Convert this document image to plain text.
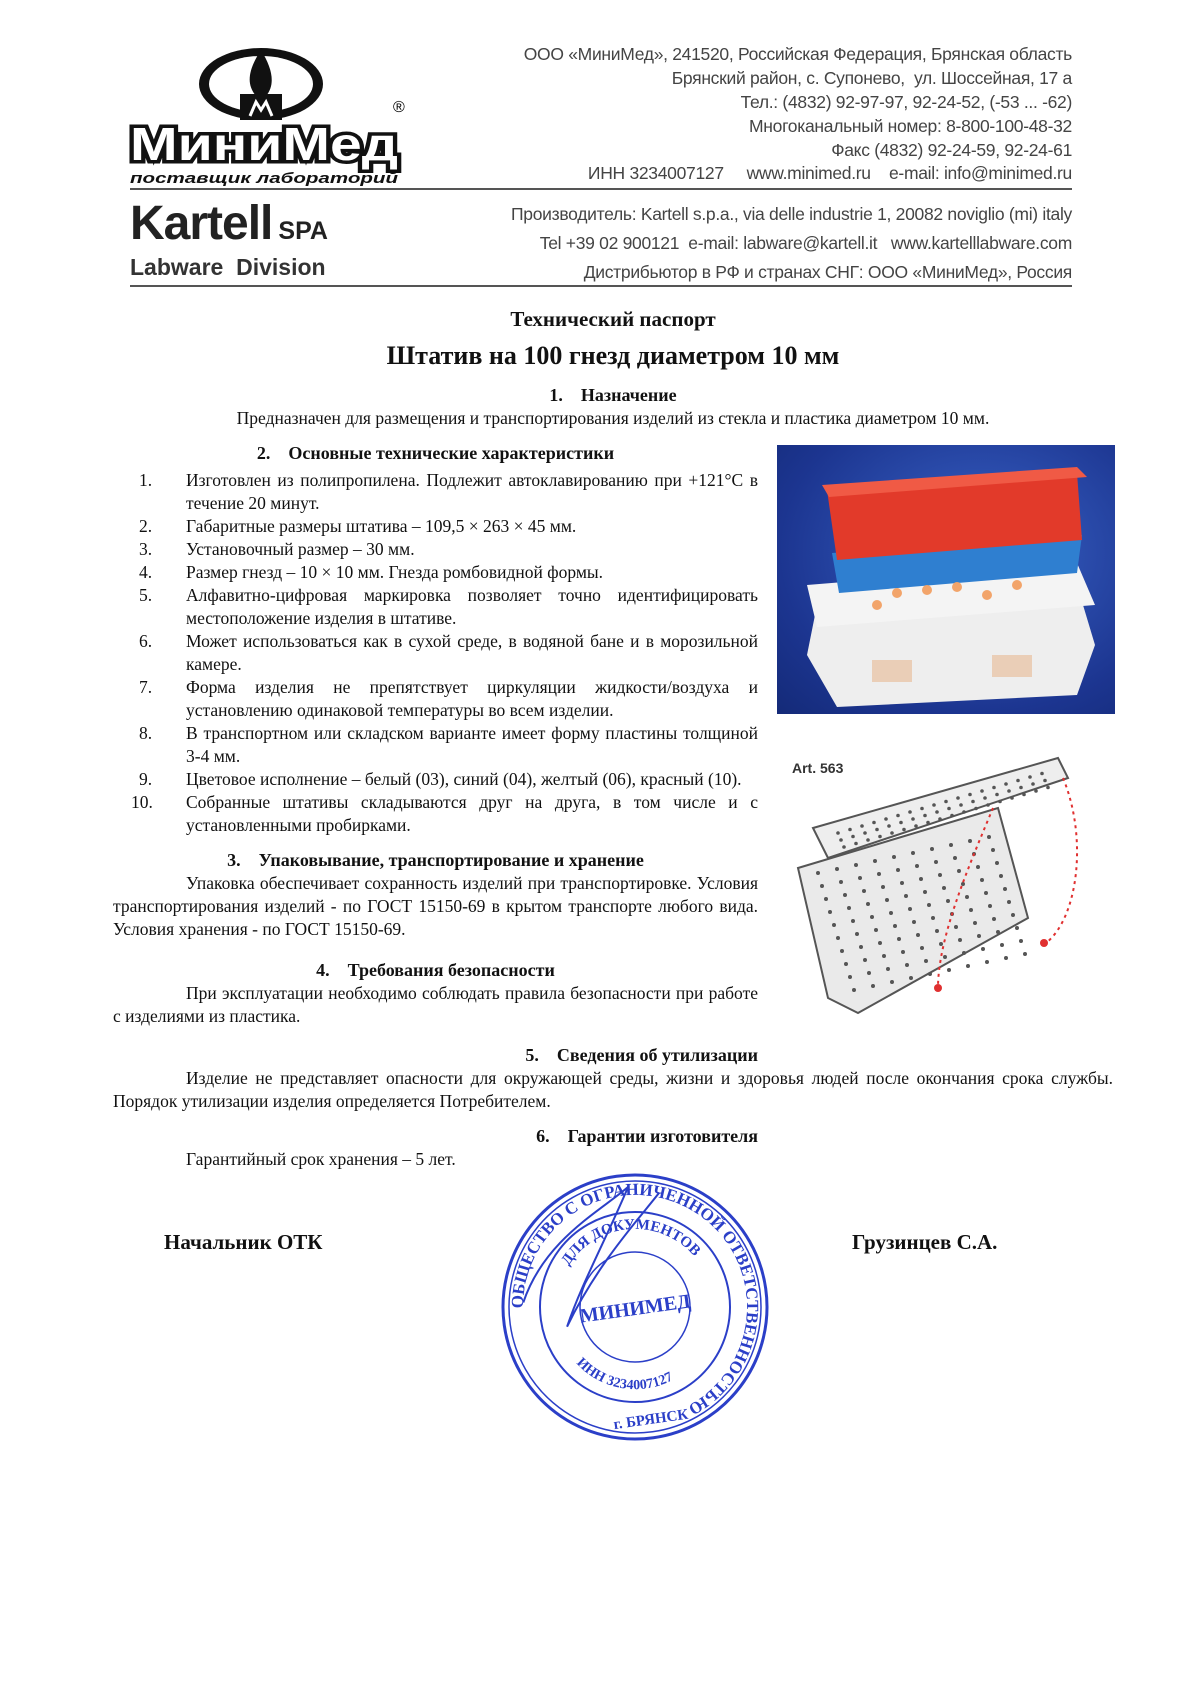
®
МиниМед
поставщик лабораторий
ООО «МиниМед», 241520, Российская Федерация, Брянская область
Брянский район, с. Супонево,  ул. Шоссейная, 17 а
Тел.: (4832) 92-97-97, 92-24-52, (-53 ... -62)
Многоканальный номер: 8-800-100-48-32
Факс (4832) 92-24-59, 92-24-61
ИНН 3234007127     www.minimed.ru    e-mail: info@minimed.ru
Kartell SPA
Labware  Division
Производитель: Kartell s.p.a., via delle industrie 1, 20082 noviglio (mi) italy
Tel +39 02 900121  e-mail: labware@kartell.it   www.kartelllabware.com
Дистрибьютор в РФ и странах СНГ: ООО «МиниМед», Россия
Технический паспорт
Штатив на 100 гнезд диаметром 10 мм
1.    Назначение
Предназначен для размещения и транспортирования изделий из стекла и пластика диаметром 10 мм.
2.    Основные технические характеристики
1. Изготовлен из полипропилена. Подлежит автоклавированию при +121°С в течение 20 минут.
2. Габаритные размеры штатива – 109,5 × 263 × 45 мм.
3. Установочный размер – 30 мм.
4. Размер гнезд – 10 × 10 мм. Гнезда ромбовидной формы.
5. Алфавитно-цифровая маркировка позволяет точно идентифицировать местоположение изделия в штативе.
6. Может использоваться как в сухой среде, в водяной бане и в морозильной камере.
7. Форма изделия не препятствует циркуляции жидкости/воздуха и установлению одинаковой температуры во всем изделии.
8. В транспортном или складском варианте имеет форму пластины толщиной 3-4 мм.
9. Цветовое исполнение – белый (03), синий (04), желтый (06), красный (10).
10. Собранные штативы складываются друг на друга, в том числе и с установленными пробирками.
3.    Упаковывание, транспортирование и хранение
Упаковка обеспечивает сохранность изделий при транспортировке. Условия транспортирования изделий - по ГОСТ 15150-69 в крытом транспорте любого вида. Условия хранения - по ГОСТ 15150-69.
4.    Требования безопасности
При эксплуатации необходимо соблюдать правила безопасности при работе с изделиями из пластика.
5.    Сведения об утилизации
Изделие не представляет опасности для окружающей среды, жизни и здоровья людей после окончания срока службы. Порядок утилизации изделия определяется Потребителем.
6.    Гарантии изготовителя
Гарантийный срок хранения – 5 лет.
ОБЩЕСТВО С ОГРАНИЧЕННОЙ ОТВЕТСТВЕННОСТЬЮ
ДЛЯ ДОКУМЕНТОВ
ИНН 3234007127
МИНИМЕД
г. БРЯНСК
Начальник ОТК	Грузинцев С.А.
Art. 563
